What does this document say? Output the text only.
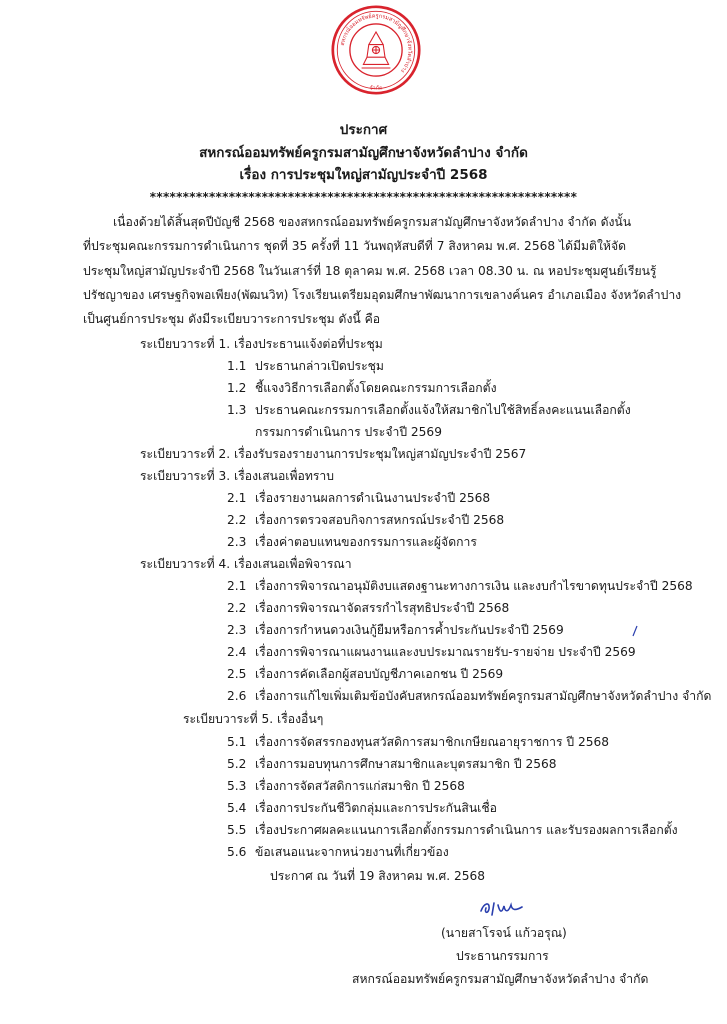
สหกรณ์ออมทรัพย์ครูกรมสามัญศึกษาจังหวัดลำปาง
จำกัด
ประกาศ
สหกรณ์ออมทรัพย์ครูกรมสามัญศึกษาจังหวัดลำปาง จำกัด
เรื่อง การประชุมใหญ่สามัญประจำปี 2568
*****************************************************************
เนื่องด้วยได้สิ้นสุดปีบัญชี 2568 ของสหกรณ์ออมทรัพย์ครูกรมสามัญศึกษาจังหวัดลำปาง จำกัด ดังนั้น
ที่ประชุมคณะกรรมการดำเนินการ ชุดที่ 35 ครั้งที่ 11 วันพฤหัสบดีที่ 7 สิงหาคม พ.ศ. 2568 ได้มีมติให้จัด
ประชุมใหญ่สามัญประจำปี 2568 ในวันเสาร์ที่ 18 ตุลาคม พ.ศ. 2568 เวลา 08.30 น. ณ หอประชุมศูนย์เรียนรู้
ปรัชญาของ เศรษฐกิจพอเพียง(พัฒนวิท) โรงเรียนเตรียมอุดมศึกษาพัฒนาการเขลางค์นคร อำเภอเมือง จังหวัดลำปาง
เป็นศูนย์การประชุม ดังมีระเบียบวาระการประชุม ดังนี้ คือ
ระเบียบวาระที่ 1. เรื่องประธานแจ้งต่อที่ประชุม
1.1 ประธานกล่าวเปิดประชุม
1.2 ชี้แจงวิธีการเลือกตั้งโดยคณะกรรมการเลือกตั้ง
1.3 ประธานคณะกรรมการเลือกตั้งแจ้งให้สมาชิกไปใช้สิทธิ์ลงคะแนนเลือกตั้ง
กรรมการดำเนินการ ประจำปี 2569
ระเบียบวาระที่ 2. เรื่องรับรองรายงานการประชุมใหญ่สามัญประจำปี 2567
ระเบียบวาระที่ 3. เรื่องเสนอเพื่อทราบ
2.1 เรื่องรายงานผลการดำเนินงานประจำปี 2568
2.2 เรื่องการตรวจสอบกิจการสหกรณ์ประจำปี 2568
2.3 เรื่องค่าตอบแทนของกรรมการและผู้จัดการ
ระเบียบวาระที่ 4. เรื่องเสนอเพื่อพิจารณา
2.1 เรื่องการพิจารณาอนุมัติงบแสดงฐานะทางการเงิน และงบกำไรขาดทุนประจำปี 2568
2.2 เรื่องการพิจารณาจัดสรรกำไรสุทธิประจำปี 2568
2.3 เรื่องการกำหนดวงเงินกู้ยืมหรือการค้ำประกันประจำปี 2569
2.4 เรื่องการพิจารณาแผนงานและงบประมาณรายรับ-รายจ่าย ประจำปี 2569
2.5 เรื่องการคัดเลือกผู้สอบบัญชีภาคเอกชน ปี 2569
2.6 เรื่องการแก้ไขเพิ่มเติมข้อบังคับสหกรณ์ออมทรัพย์ครูกรมสามัญศึกษาจังหวัดลำปาง จำกัด
ระเบียบวาระที่ 5. เรื่องอื่นๆ
5.1 เรื่องการจัดสรรกองทุนสวัสดิการสมาชิกเกษียณอายุราชการ ปี 2568
5.2 เรื่องการมอบทุนการศึกษาสมาชิกและบุตรสมาชิก ปี 2568
5.3 เรื่องการจัดสวัสดิการแก่สมาชิก ปี 2568
5.4 เรื่องการประกันชีวิตกลุ่มและการประกันสินเชื่อ
5.5 เรื่องประกาศผลคะแนนการเลือกตั้งกรรมการดำเนินการ และรับรองผลการเลือกตั้ง
5.6 ข้อเสนอแนะจากหน่วยงานที่เกี่ยวข้อง
ประกาศ ณ วันที่ 19 สิงหาคม พ.ศ. 2568
(นายสาโรจน์ แก้วอรุณ)
ประธานกรรมการ
สหกรณ์ออมทรัพย์ครูกรมสามัญศึกษาจังหวัดลำปาง จำกัด
